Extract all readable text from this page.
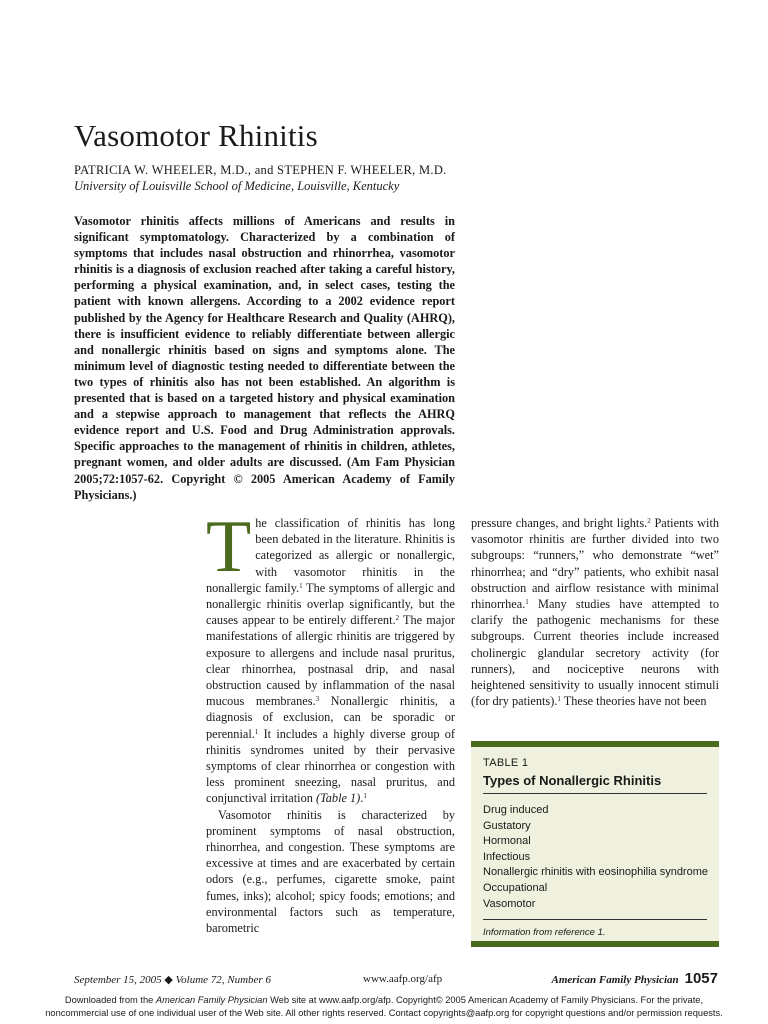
Vasomotor Rhinitis
PATRICIA W. WHEELER, M.D., and STEPHEN F. WHEELER, M.D.
University of Louisville School of Medicine, Louisville, Kentucky

Vasomotor rhinitis affects millions of Americans and results in significant symptomatology. Characterized by a combination of symptoms that includes nasal obstruction and rhinorrhea, vasomotor rhinitis is a diagnosis of exclusion reached after taking a careful history, performing a physical examination, and, in select cases, testing the patient with known allergens. According to a 2002 evidence report published by the Agency for Healthcare Research and Quality (AHRQ), there is insufficient evidence to reliably differentiate between allergic and nonallergic rhinitis based on signs and symptoms alone. The minimum level of diagnostic testing needed to differentiate between the two types of rhinitis also has not been established. An algorithm is presented that is based on a targeted history and physical examination and a stepwise approach to management that reflects the AHRQ evidence report and U.S. Food and Drug Administration approvals. Specific approaches to the management of rhinitis in children, athletes, pregnant women, and older adults are discussed. (Am Fam Physician 2005;72:1057-62. Copyright © 2005 American Academy of Family Physicians.)

The classification of rhinitis has long been debated in the literature. Rhinitis is categorized as allergic or nonallergic, with vasomotor rhinitis in the nonallergic family.$^1$ The symptoms of allergic and nonallergic rhinitis overlap significantly, but the causes appear to be entirely different.$^2$ The major manifestations of allergic rhinitis are triggered by exposure to allergens and include nasal pruritus, clear rhinorrhea, postnasal drip, and nasal obstruction caused by inflammation of the nasal mucous membranes.$^3$ Nonallergic rhinitis, a diagnosis of exclusion, can be sporadic or perennial.$^1$ It includes a highly diverse group of rhinitis syndromes united by their pervasive symptoms of clear rhinorrhea or congestion with less prominent sneezing, nasal pruritus, and conjunctival irritation (Table 1).$^1$

Vasomotor rhinitis is characterized by prominent symptoms of nasal obstruction, rhinorrhea, and congestion. These symptoms are excessive at times and are exacerbated by certain odors (e.g., perfumes, cigarette smoke, paint fumes, inks); alcohol; spicy foods; emotions; and environmental factors such as temperature, barometric

pressure changes, and bright lights.$^2$ Patients with vasomotor rhinitis are further divided into two subgroups: “runners,” who demonstrate “wet” rhinorrhea; and “dry” patients, who exhibit nasal obstruction and airflow resistance with minimal rhinorrhea.$^1$ Many studies have attempted to clarify the pathogenic mechanisms for these subgroups. Current theories include increased cholinergic glandular secretory activity (for runners), and nociceptive neurons with heightened sensitivity to usually innocent stimuli (for dry patients).$^1$ These theories have not been

TABLE 1
Types of Nonallergic Rhinitis
Drug induced
Gustatory
Hormonal
Infectious
Nonallergic rhinitis with eosinophilia syndrome
Occupational
Vasomotor
Information from reference 1.
September 15, 2005 ◆ Volume 72, Number 6	www.aafp.org/afp	American Family Physician 1057
Downloaded from the American Family Physician Web site at www.aafp.org/afp. Copyright© 2005 American Academy of Family Physicians. For the private, noncommercial use of one individual user of the Web site. All other rights reserved. Contact copyrights@aafp.org for copyright questions and/or permission requests.
